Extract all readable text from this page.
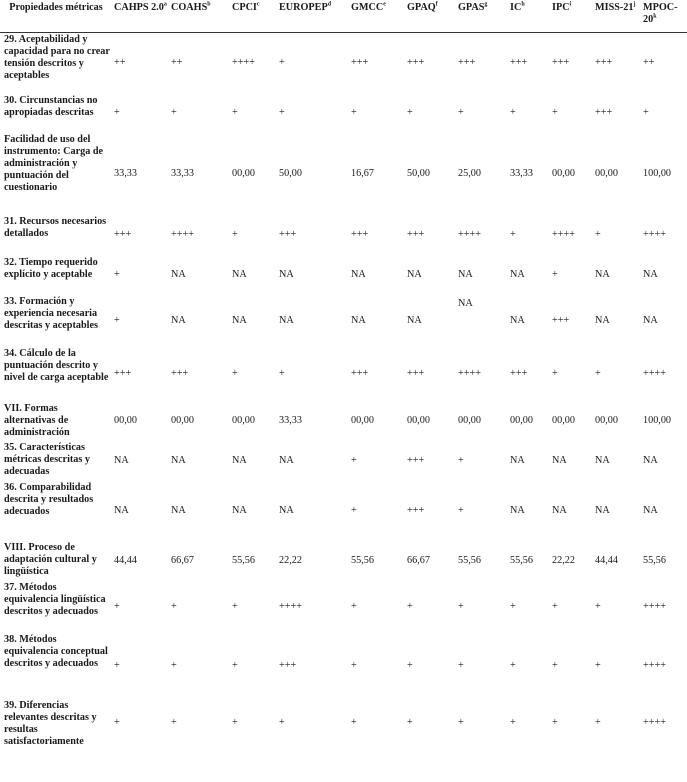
Propiedades métricas	CAHPS 2.0$^a$	COAHS$^b$	CPCI$^c$	EUROPEP$^d$	GMCC$^e$	GPAQ$^f$	GPAS$^g$	$IC^h$	IPC$^i$	MISS-21$^j$	MPOC-20$^k$
29. Aceptabilidad y capacidad para no crear tensión descritos y aceptables	++	++	++++	+	+++	+++	+++	+++	+++	+++	++
30. Circunstancias no apropiadas descritas	+	+	+	+	+	+	+	+	+	+++	+
Facilidad de uso del instrumento: Carga de administración y puntuación del cuestionario	33,33	33,33	00,00	50,00	16,67	50,00	25,00	33,33	00,00	00,00	100,00
31. Recursos necesarios detallados	+++	++++	+	+++	+++	+++	++++	+	++++	+	++++
32. Tiempo requerido explícito y aceptable	+	NA	NA	NA	NA	NA	NA	NA	+	NA	NA
33. Formación y experiencia necesaria descritas y aceptables	+	NA	NA	NA	NA	NA	NA	NA	+++	NA	NA
34. Cálculo de la puntuación descrito y nivel de carga aceptable	+++	+++	+	+	+++	+++	++++	+++	+	+	++++
VII. Formas alternativas de administración	00,00	00,00	00,00	33,33	00,00	00,00	00,00	00,00	00,00	00,00	100,00
35. Características métricas descritas y adecuadas	NA	NA	NA	NA	+	+++	+	NA	NA	NA	NA
36. Comparabilidad descrita y resultados adecuados	NA	NA	NA	NA	+	+++	+	NA	NA	NA	NA
VIII. Proceso de adaptación cultural y lingüística	44,44	66,67	55,56	22,22	55,56	66,67	55,56	55,56	22,22	44,44	55,56
37. Métodos equivalencia lingüística descritos y adecuados	+	+	+	++++	+	+	+	+	+	+	++++
38. Métodos equivalencia conceptual descritos y adecuados	+	+	+	+++	+	+	+	+	+	+	++++
39. Diferencias relevantes descritas y resultas satisfactoriamente	+	+	+	+	+	+	+	+	+	+	++++
